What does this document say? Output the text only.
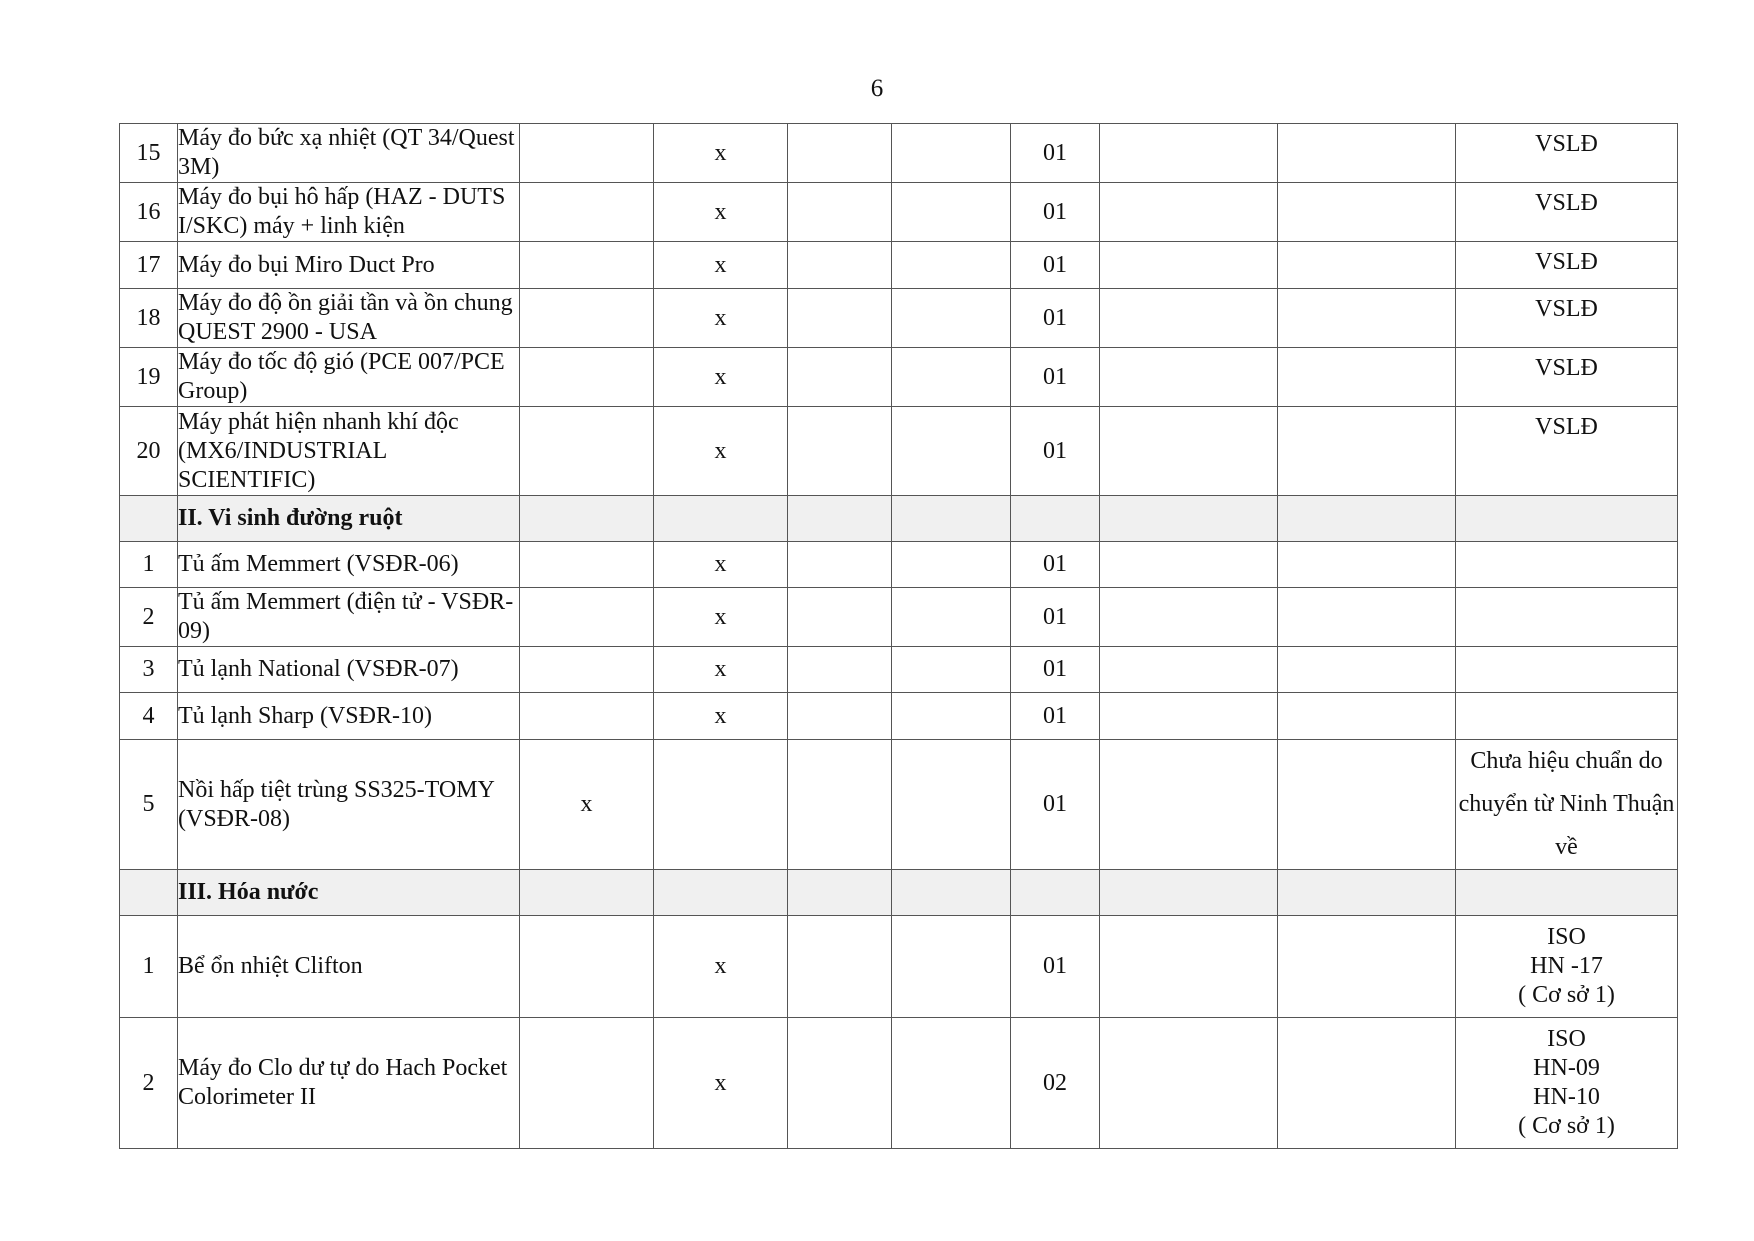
6
15	Máy đo bức xạ nhiệt (QT 34/Quest 3M)		x			01			VSLĐ

16	Máy đo bụi hô hấp (HAZ - DUTS I/SKC) máy + linh kiện		x			01			VSLĐ

17	Máy đo bụi Miro Duct Pro		x			01			VSLĐ

18	Máy đo độ ồn giải tần và ồn chung QUEST 2900 - USA		x			01			VSLĐ

19	Máy đo tốc độ gió (PCE 007/PCE Group)		x			01			VSLĐ

20	Máy phát hiện nhanh khí độc (MX6/INDUSTRIAL SCIENTIFIC)		x			01			VSLĐ

	II. Vi sinh đường ruột								
1	Tủ ấm Memmert (VSĐR-06)		x			01			
2	Tủ ấm Memmert (điện tử - VSĐR-09)		x			01			
3	Tủ lạnh National (VSĐR-07)		x			01			
4	Tủ lạnh Sharp (VSĐR-10)		x			01			
5	Nồi hấp tiệt trùng SS325-TOMY (VSĐR-08)	x				01			Chưa hiệu chuẩn do chuyển từ Ninh Thuận về

	III. Hóa nước								
1	Bể ổn nhiệt Clifton		x			01			ISO
HN -17
( Cơ sở 1)

2	Máy đo Clo dư tự do Hach Pocket Colorimeter II		x			02			ISO
HN-09
HN-10
( Cơ sở 1)
